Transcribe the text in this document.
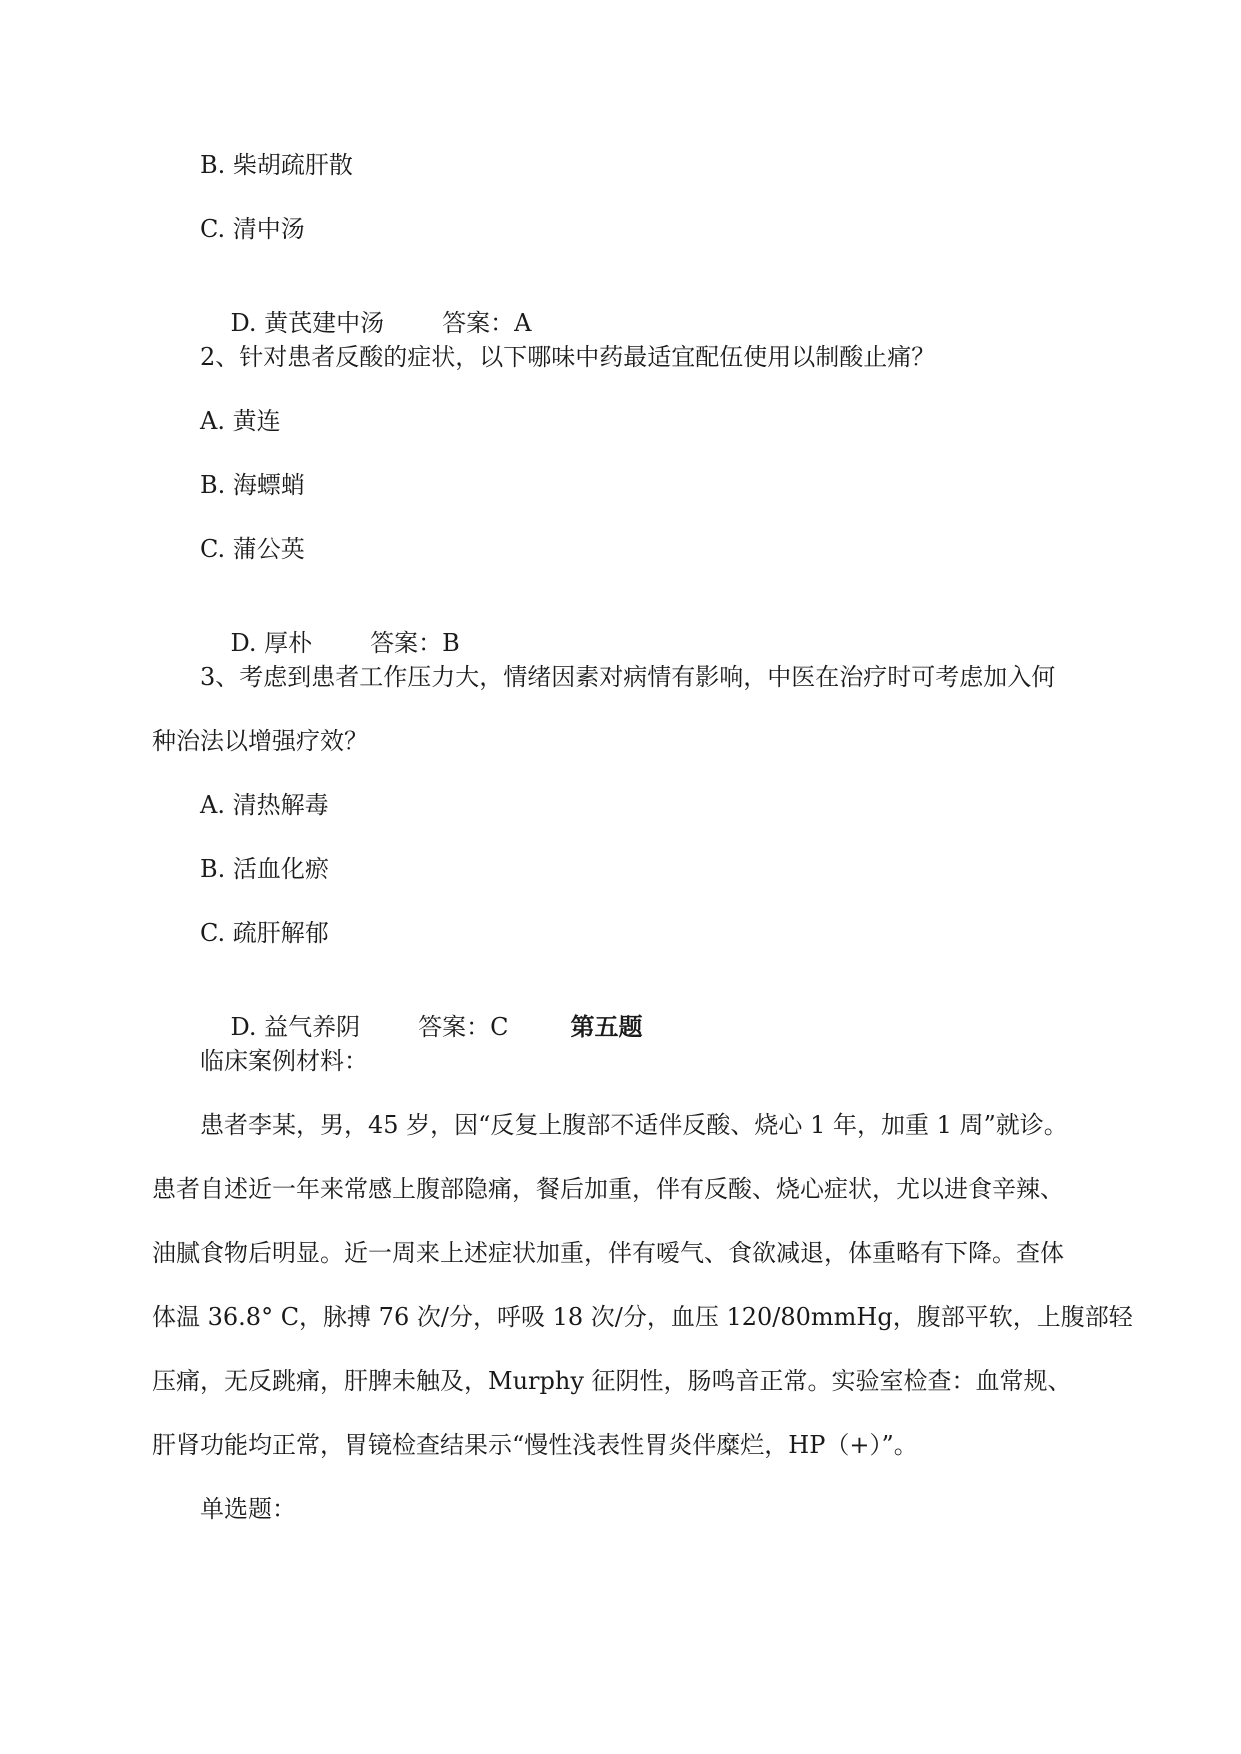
B. 柴胡疏肝散
C. 清中汤

D. 黄芪建中汤 答案：A

2、针对患者反酸的症状，以下哪味中药最适宜配伍使用以制酸止痛？
A. 黄连
B. 海螵蛸
C. 蒲公英

D. 厚朴 答案：B

3、考虑到患者工作压力大，情绪因素对病情有影响，中医在治疗时可考虑加入何
种治法以增强疗效？
A. 清热解毒
B. 活血化瘀
C. 疏肝解郁

D. 益气养阴 答案：C	第五题

临床案例材料：
患者李某，男，45 岁，因“反复上腹部不适伴反酸、烧心 1 年，加重 1 周”就诊。
患者自述近一年来常感上腹部隐痛，餐后加重，伴有反酸、烧心症状，尤以进食辛辣、
油腻食物后明显。近一周来上述症状加重，伴有嗳气、食欲减退，体重略有下降。查体
体温 36.8° C，脉搏 76 次/分，呼吸 18 次/分，血压 120/80mmHg，腹部平软，上腹部轻
压痛，无反跳痛，肝脾未触及，Murphy 征阴性，肠鸣音正常。实验室检查：血常规、
肝肾功能均正常，胃镜检查结果示“慢性浅表性胃炎伴糜烂，HP（+）”。
单选题：
